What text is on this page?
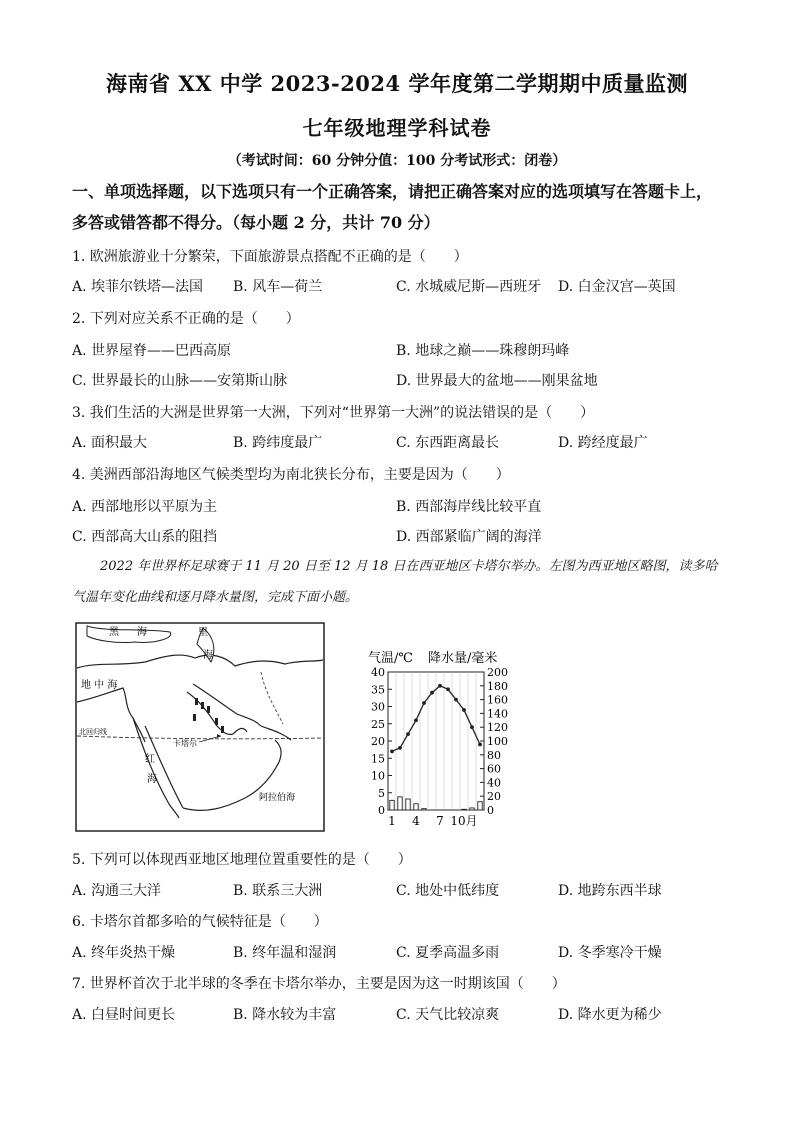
海南省 XX 中学 2023-2024 学年度第二学期期中质量监测
七年级地理学科试卷
（考试时间：60 分钟分值：100 分考试形式：闭卷）
一、单项选择题，以下选项只有一个正确答案，请把正确答案对应的选项填写在答题卡上，多答或错答都不得分。（每小题 2 分，共计 70 分）
1. 欧洲旅游业十分繁荣，下面旅游景点搭配不正确的是（　　）
A. 埃菲尔铁塔—法国 B. 风车—荷兰	C. 水城威尼斯—西班牙 D. 白金汉宫—英国
2. 下列对应关系不正确的是（　　）
A. 世界屋脊——巴西高原	B. 地球之巅——珠穆朗玛峰
C. 世界最长的山脉——安第斯山脉	D. 世界最大的盆地——刚果盆地
3. 我们生活的大洲是世界第一大洲，下列对“世界第一大洲”的说法错误的是（　　）
A. 面积最大	B. 跨纬度最广	C. 东西距离最长	D. 跨经度最广
4. 美洲西部沿海地区气候类型均为南北狭长分布，主要是因为（　　）
A. 西部地形以平原为主	B. 西部海岸线比较平直
C. 西部高大山系的阻挡	D. 西部紧临广阔的海洋
2022 年世界杯足球赛于 11 月 20 日至 12 月 18 日在西亚地区卡塔尔举办。左图为西亚地区略图，读多哈气温年变化曲线和逐月降水量图，完成下面小题。
黑 海	里
海
地 中 海
北回归线
卡塔尔
红
海
阿拉伯海
气温/℃ 降水量/毫米
0
5
10
15
20
25
30
35
40
0
20
40
60
80
100
120
140
160
180
200
1 4 7 10月
5. 下列可以体现西亚地区地理位置重要性的是（　　）
A. 沟通三大洋	B. 联系三大洲	C. 地处中低纬度	D. 地跨东西半球
6. 卡塔尔首都多哈的气候特征是（　　）
A. 终年炎热干燥	B. 终年温和湿润	C. 夏季高温多雨	D. 冬季寒冷干燥
7. 世界杯首次于北半球的冬季在卡塔尔举办，主要是因为这一时期该国（　　）
A. 白昼时间更长	B. 降水较为丰富	C. 天气比较凉爽	D. 降水更为稀少
